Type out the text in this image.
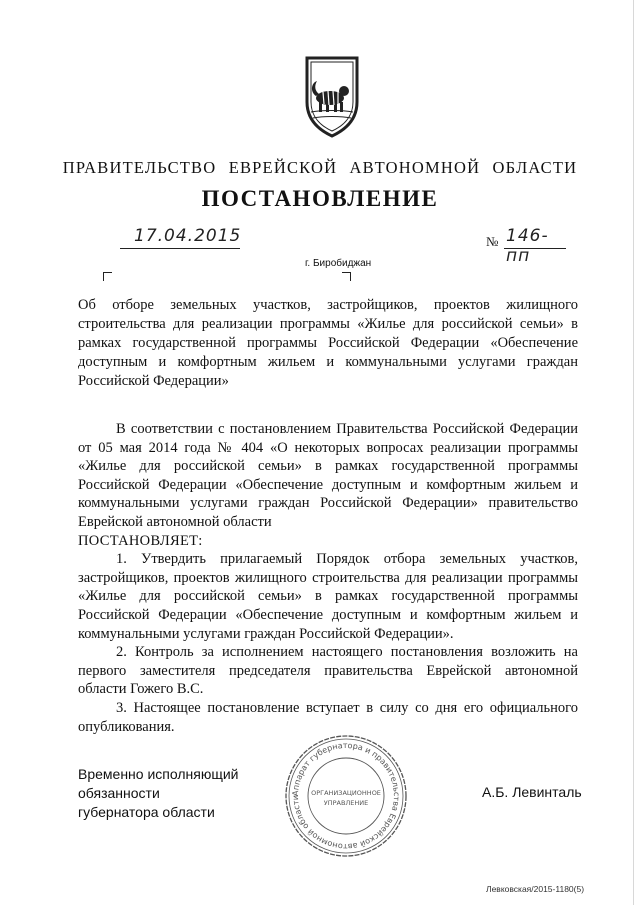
ПРАВИТЕЛЬСТВО ЕВРЕЙСКОЙ АВТОНОМНОЙ ОБЛАСТИ
ПОСТАНОВЛЕНИЕ
17.04.2015	№ 146-пп
г. Биробиджан
Об отборе земельных участков, застройщиков, проектов жилищного строительства для реализации программы «Жилье для российской семьи» в рамках государственной программы Российской Федерации «Обеспечение доступным и комфортным жильем и коммунальными услугами граждан Российской Федерации»

В соответствии с постановлением Правительства Российской Федерации от 05 мая 2014 года № 404 «О некоторых вопросах реализации программы «Жилье для российской семьи» в рамках государственной программы Российской Федерации «Обеспечение доступным и комфортным жильем и коммунальными услугами граждан Российской Федерации» правительство Еврейской автономной области

ПОСТАНОВЛЯЕТ:

1. Утвердить прилагаемый Порядок отбора земельных участков, застройщиков, проектов жилищного строительства для реализации программы «Жилье для российской семьи» в рамках государственной программы Российской Федерации «Обеспечение доступным и комфортным жильем и коммунальными услугами граждан Российской Федерации».

2. Контроль за исполнением настоящего постановления возложить на первого заместителя председателя правительства Еврейской автономной области Гожего В.С.

3. Настоящее постановление вступает в силу со дня его официального опубликования.

Временно исполняющий обязанности
губернатора области
А.Б. Левинталь
Аппарат губернатора и правительства Еврейской автономной области
ОРГАНИЗАЦИОННОЕ
УПРАВЛЕНИЕ
Левковская/2015-1180(5)
